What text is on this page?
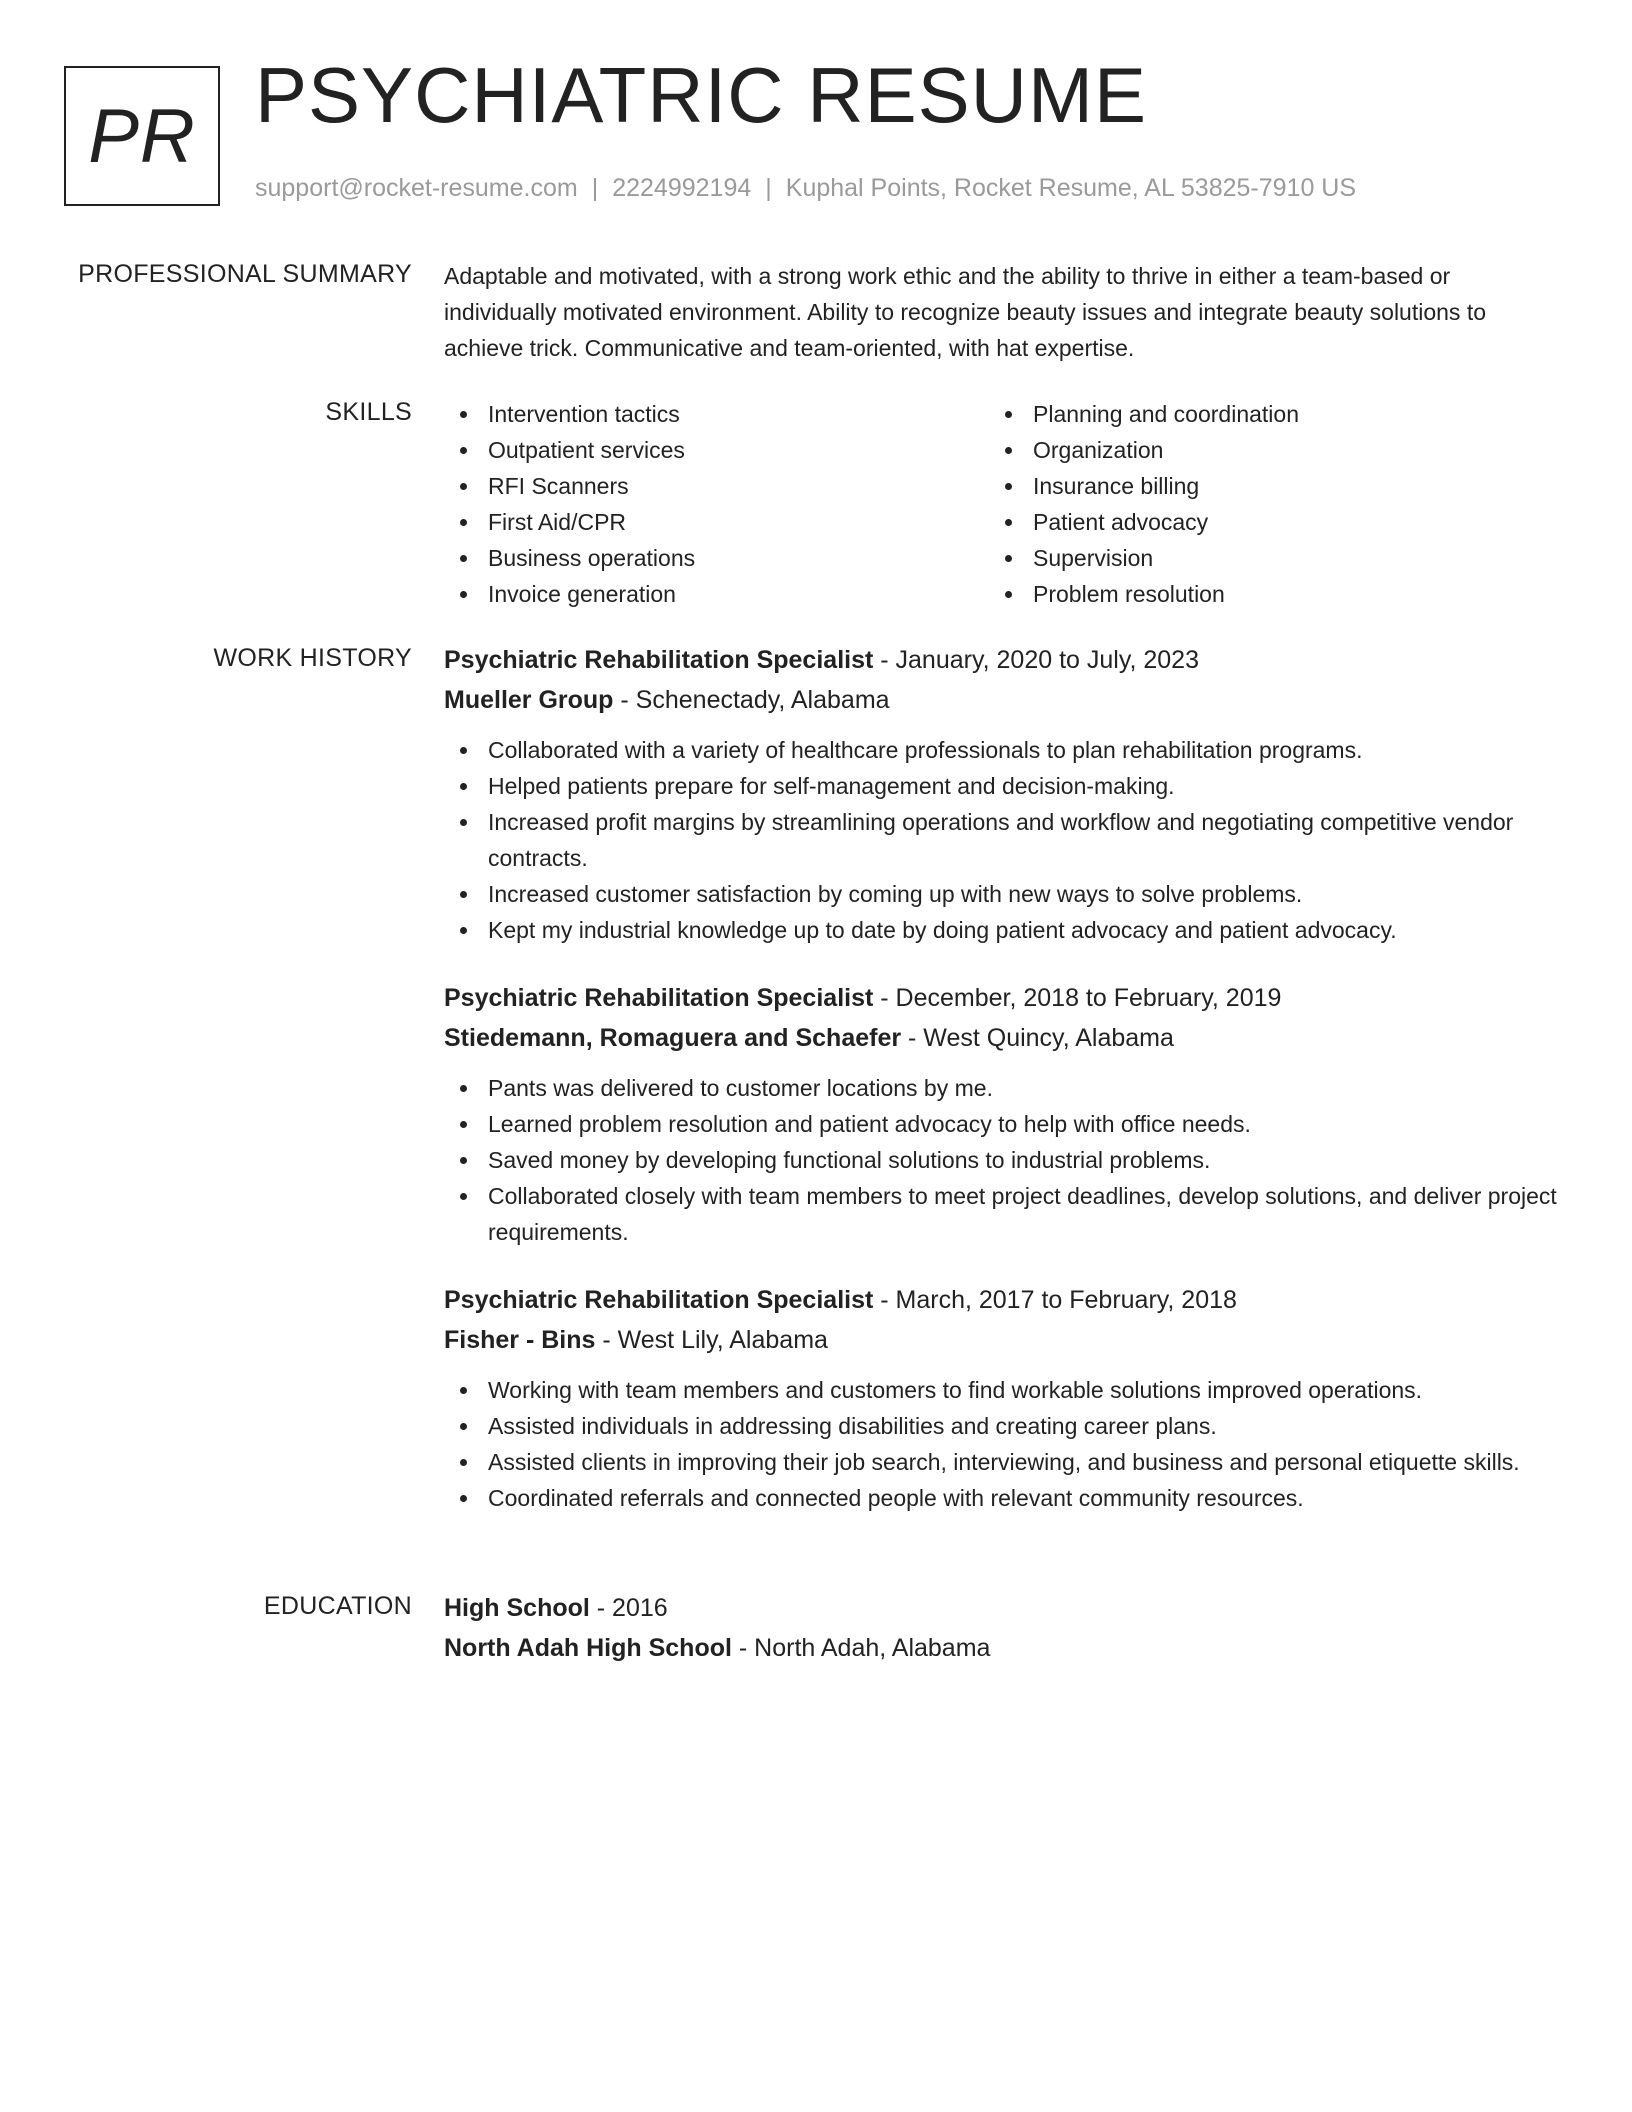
PR PSYCHIATRIC RESUME
support@rocket-resume.com | 2224992194 | Kuphal Points, Rocket Resume, AL 53825-7910 US
PROFESSIONAL SUMMARY Adaptable and motivated, with a strong work ethic and the ability to thrive in either a team-based or individually motivated environment. Ability to recognize beauty issues and integrate beauty solutions to achieve trick. Communicative and team-oriented, with hat expertise.

SKILLS	Intervention tactics
Outpatient services
RFI Scanners
First Aid/CPR
Business operations
Invoice generation
Planning and coordination
Organization
Insurance billing
Patient advocacy
Supervision
Problem resolution
WORK HISTORY Psychiatric Rehabilitation Specialist - January, 2020 to July, 2023
Mueller Group - Schenectady, Alabama
Collaborated with a variety of healthcare professionals to plan rehabilitation programs.
Helped patients prepare for self-management and decision-making.
Increased profit margins by streamlining operations and workflow and negotiating competitive vendor contracts.
Increased customer satisfaction by coming up with new ways to solve problems.
Kept my industrial knowledge up to date by doing patient advocacy and patient advocacy.
Psychiatric Rehabilitation Specialist - December, 2018 to February, 2019
Stiedemann, Romaguera and Schaefer - West Quincy, Alabama
Pants was delivered to customer locations by me.
Learned problem resolution and patient advocacy to help with office needs.
Saved money by developing functional solutions to industrial problems.
Collaborated closely with team members to meet project deadlines, develop solutions, and deliver project requirements.
Psychiatric Rehabilitation Specialist - March, 2017 to February, 2018
Fisher - Bins - West Lily, Alabama
Working with team members and customers to find workable solutions improved operations.
Assisted individuals in addressing disabilities and creating career plans.
Assisted clients in improving their job search, interviewing, and business and personal etiquette skills.
Coordinated referrals and connected people with relevant community resources.
EDUCATION High School - 2016
North Adah High School - North Adah, Alabama
